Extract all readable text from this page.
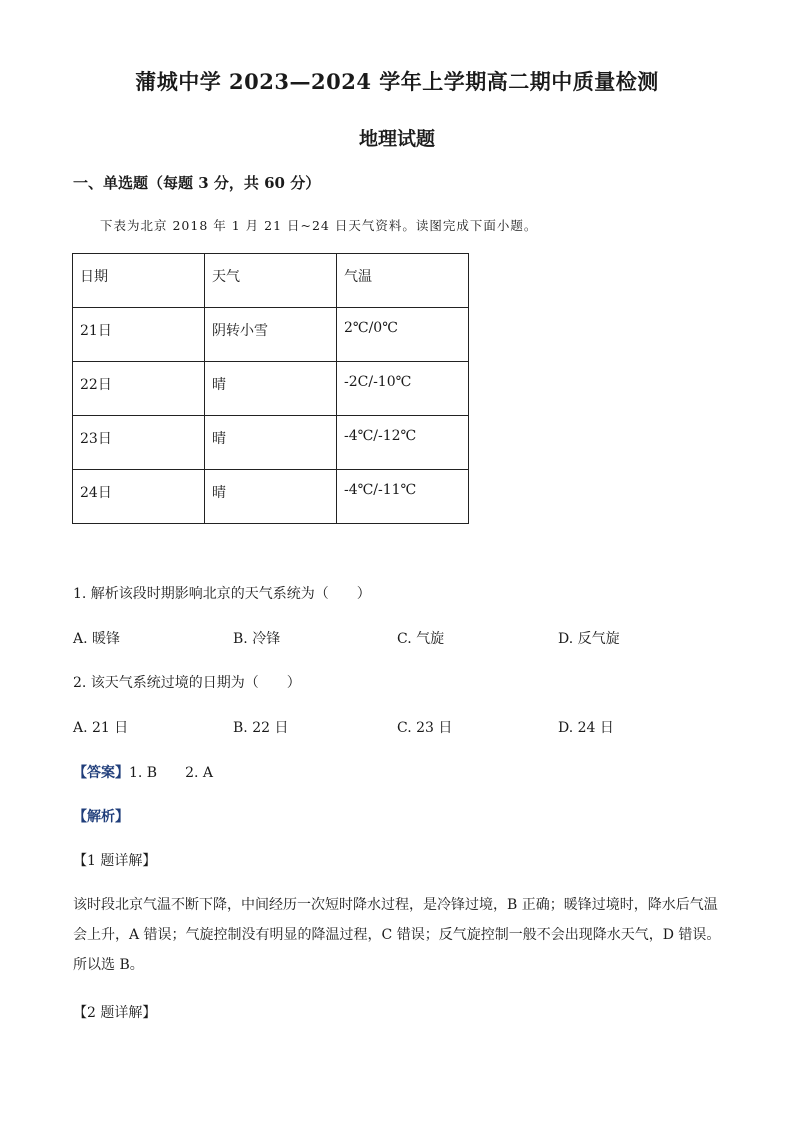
蒲城中学 2023—2024 学年上学期高二期中质量检测
地理试题
一、单选题（每题 3 分，共 60 分）
下表为北京 2018 年 1 月 21 日~24 日天气资料。读图完成下面小题。
日期	天气	气温
21日	阴转小雪	2℃/0℃
22日	晴	-2C/-10℃
23日	晴	-4℃/-12℃
24日	晴	-4℃/-11℃
1. 解析该段时期影响北京的天气系统为（　　）
A. 暖锋	B. 冷锋	C. 气旋	D. 反气旋
2. 该天气系统过境的日期为（　　）
A. 21 日	B. 22 日	C. 23 日	D. 24 日
【答案】1. B　　2. A
【解析】
【1 题详解】
该时段北京气温不断下降，中间经历一次短时降水过程，是冷锋过境，B 正确；暖锋过境时，降水后气温会上升，A 错误；气旋控制没有明显的降温过程，C 错误；反气旋控制一般不会出现降水天气，D 错误。所以选 B。
【2 题详解】
